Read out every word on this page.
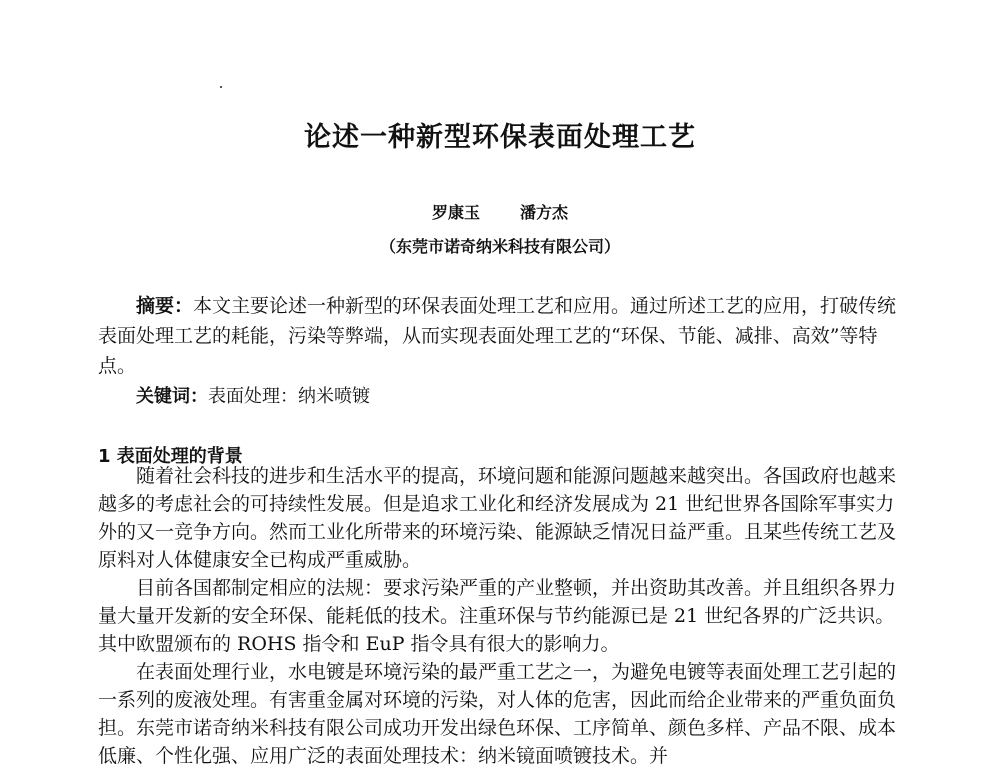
论述一种新型环保表面处理工艺
罗康玉	潘方杰
（东莞市诺奇纳米科技有限公司）
摘要：本文主要论述一种新型的环保表面处理工艺和应用。通过所述工艺的应用，打破传统表面处理工艺的耗能，污染等弊端，从而实现表面处理工艺的“环保、节能、减排、高效”等特点。
关键词：表面处理：纳米喷镀
1 表面处理的背景

随着社会科技的进步和生活水平的提高，环境问题和能源问题越来越突出。各国政府也越来越多的考虑社会的可持续性发展。但是追求工业化和经济发展成为 21 世纪世界各国除军事实力外的又一竞争方向。然而工业化所带来的环境污染、能源缺乏情况日益严重。且某些传统工艺及原料对人体健康安全已构成严重威胁。

目前各国都制定相应的法规：要求污染严重的产业整顿，并出资助其改善。并且组织各界力量大量开发新的安全环保、能耗低的技术。注重环保与节约能源已是 21 世纪各界的广泛共识。其中欧盟颁布的 ROHS 指令和 EuP 指令具有很大的影响力。

在表面处理行业，水电镀是环境污染的最严重工艺之一，为避免电镀等表面处理工艺引起的一系列的废液处理。有害重金属对环境的污染，对人体的危害，因此而给企业带来的严重负面负担。东莞市诺奇纳米科技有限公司成功开发出绿色环保、工序简单、颜色多样、产品不限、成本低廉、个性化强、应用广泛的表面处理技术：纳米镜面喷镀技术。并
